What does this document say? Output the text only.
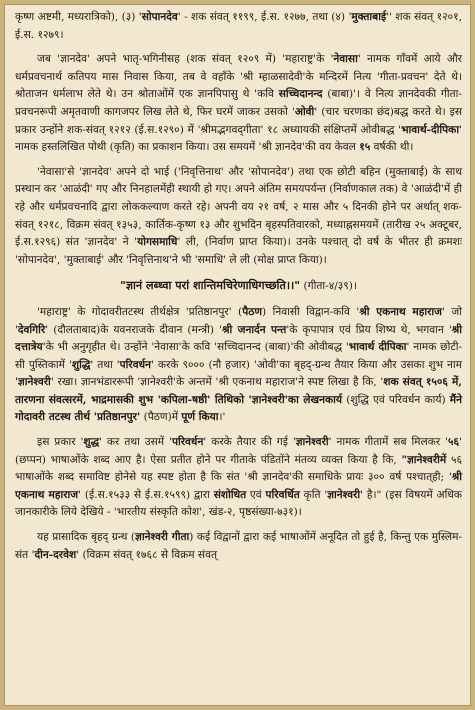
कृष्ण अष्टमी, मध्यरात्रिको), (३) 'सोपानदेव' - शक संवत् ११९९, ई.स. १२७७, तथा (४) 'मुक्ताबाई'' शक संवत् १२०१, ई.स. १२७९।

जब 'ज्ञानदेव' अपने भातृ-भगिनीसह (शक संवत् १२०९ में) 'महाराष्ट्र'के 'नेवासा' नामक गाँवमें आये और धर्मप्रवचनार्थ कतिपय मास निवास किया, तब वे वहाँके 'श्री म्हाळसादेवी'के मन्दिरमें नित्य 'गीता-प्रवचन' देते थे। श्रोताजन धर्मलाभ लेते थे। उन श्रोताओंमें एक ज्ञानपिपासु थे 'कवि सच्चिदानन्द (बाबा)'। वे नित्य ज्ञानदेवकी गीता-प्रवचनरूपी अमृतवाणी कागजपर लिख लेते थे, फिर घरमें जाकर उसको 'ओवी' (चार चरणका छंद)बद्ध करते थे। इस प्रकार उन्होंने शक-संवत् १२१२ (ई.स.१२९०) में 'श्रीमद्भगवद्‌गीता' १८ अध्यायकी संक्षिप्तमें ओवीबद्ध 'भावार्थ-दीपिका' नामक हस्तलिखित पोथी (कृति) का प्रकाशन किया। उस समयमें 'श्री ज्ञानदेव'की वय केवल १५ वर्षकी थी।

'नेवासा'से 'ज्ञानदेव' अपने दो भाई ('निवृत्तिनाथ' और 'सोपानदेव') तथा एक छोटी बहिन (मुक्ताबाई) के साथ प्रस्थान कर 'आळंदी' गए और निनहालमेंही स्थायी हो गए। अपने अंतिम समयपर्यन्त (निर्वाणकाल तक) वे 'आळंदी'में ही रहे और धर्मप्रवचनादि द्वारा लोककल्याण करते रहे। अपनी वय २१ वर्ष, २ मास और ५ दिनकी होने पर अर्थात् शक-संवत् १२१८, विक्रम संवत् १३५३, कार्तिक-कृष्ण १३ और शुभदिन बृहस्पतिवारको, मध्याह्नसमयमें (तारीख २५ अक्टूबर, ई.स.१२९६) संत 'ज्ञानदेव' ने 'योगसमाधि' ली, (निर्वाण प्राप्त किया)। उनके पश्चात् दो वर्ष के भीतर ही क्रमशः 'सोपानदेव', 'मुक्ताबाई' और 'निवृत्तिनाथ'ने भी 'समाधि' ले ली (मोक्ष प्राप्त किया)।

"ज्ञानं लब्ध्वा परां शान्तिमचिरेणाधिगच्छति।।" (गीता-४/३९)।

'महाराष्ट्र' के गोदावरीतटस्थ तीर्थक्षेत्र 'प्रतिष्ठानपुर' (पैठण) निवासी विद्वान-कवि 'श्री एकनाथ महाराज' जो 'देवगिरि' (दौलताबाद)के यवनराजके दीवान (मन्त्री) 'श्री जनार्दन पन्त'के कृपापात्र एवं प्रिय शिष्य थे, भगवान 'श्री दत्तात्रेय'के भी अनुगृहीत थे। उन्होंने 'नेवासा'के कवि 'सच्चिदानन्द (बाबा)'की ओवीबद्ध 'भावार्थ दीपिका' नामक छोटी-सी पुस्तिकामें 'शुद्धि' तथा 'परिवर्धन' करके ९००० (नौ हजार) 'ओवी'का बृहद्-ग्रन्थ तैयार किया और उसका शुभ नाम 'ज्ञानेश्वरी' रखा। ज्ञानभंडाररूपी 'ज्ञानेश्वरी'के अन्तमें 'श्री एकनाथ महाराज'ने स्पष्ट लिखा है कि, 'शक संवत् १५०६ में, तारणना संवत्सरमें, भाद्रमासकी शुभ 'कपिला-षष्ठी' तिथिको 'ज्ञानेश्वरी'का लेखनकार्य (शुद्धि एवं परिवर्धन कार्य) मैंने गोदावरी तटस्थ तीर्थ 'प्रतिष्ठानपुर' (पैठण)में पूर्ण किया।'

इस प्रकार 'शुद्ध' कर तथा उसमें 'परिवर्धन' करके तैयार की गई 'ज्ञानेश्वरी' नामक गीतामें सब मिलकर '५६' (छप्पन) भाषाओंके शब्द आए है। ऐसा प्रतीत होने पर गीताके पंडितोंने मंतव्य व्यक्त किया है कि, "ज्ञानेश्वरीमें ५६ भाषाओंके शब्द समाविष्ट होनेसे यह स्पष्ट होता है कि संत 'श्री ज्ञानदेव'की समाधिके प्रायः ३०० वर्ष पश्चात्‌ही; 'श्री एकनाथ महाराज' (ई.स.१५३३ से ई.स.१५९९) द्वारा संशोधित एवं परिवर्धित कृति 'ज्ञानेश्वरी' है।" (इस विषयमें अधिक जानकारीके लिये देखिये - 'भारतीय संस्कृति कोश', खंड-२, पृष्ठसंख्या-७३१)।

यह प्रासादिक बृहद् ग्रन्थ (ज्ञानेश्वरी गीता) कई विद्वानों द्वारा कई भाषाओंमें अनूदित तो हुई है, किन्तु एक मुस्लिम-संत 'दीन-दरवेश' (विक्रम संवत् १७६८ से विक्रम संवत्
